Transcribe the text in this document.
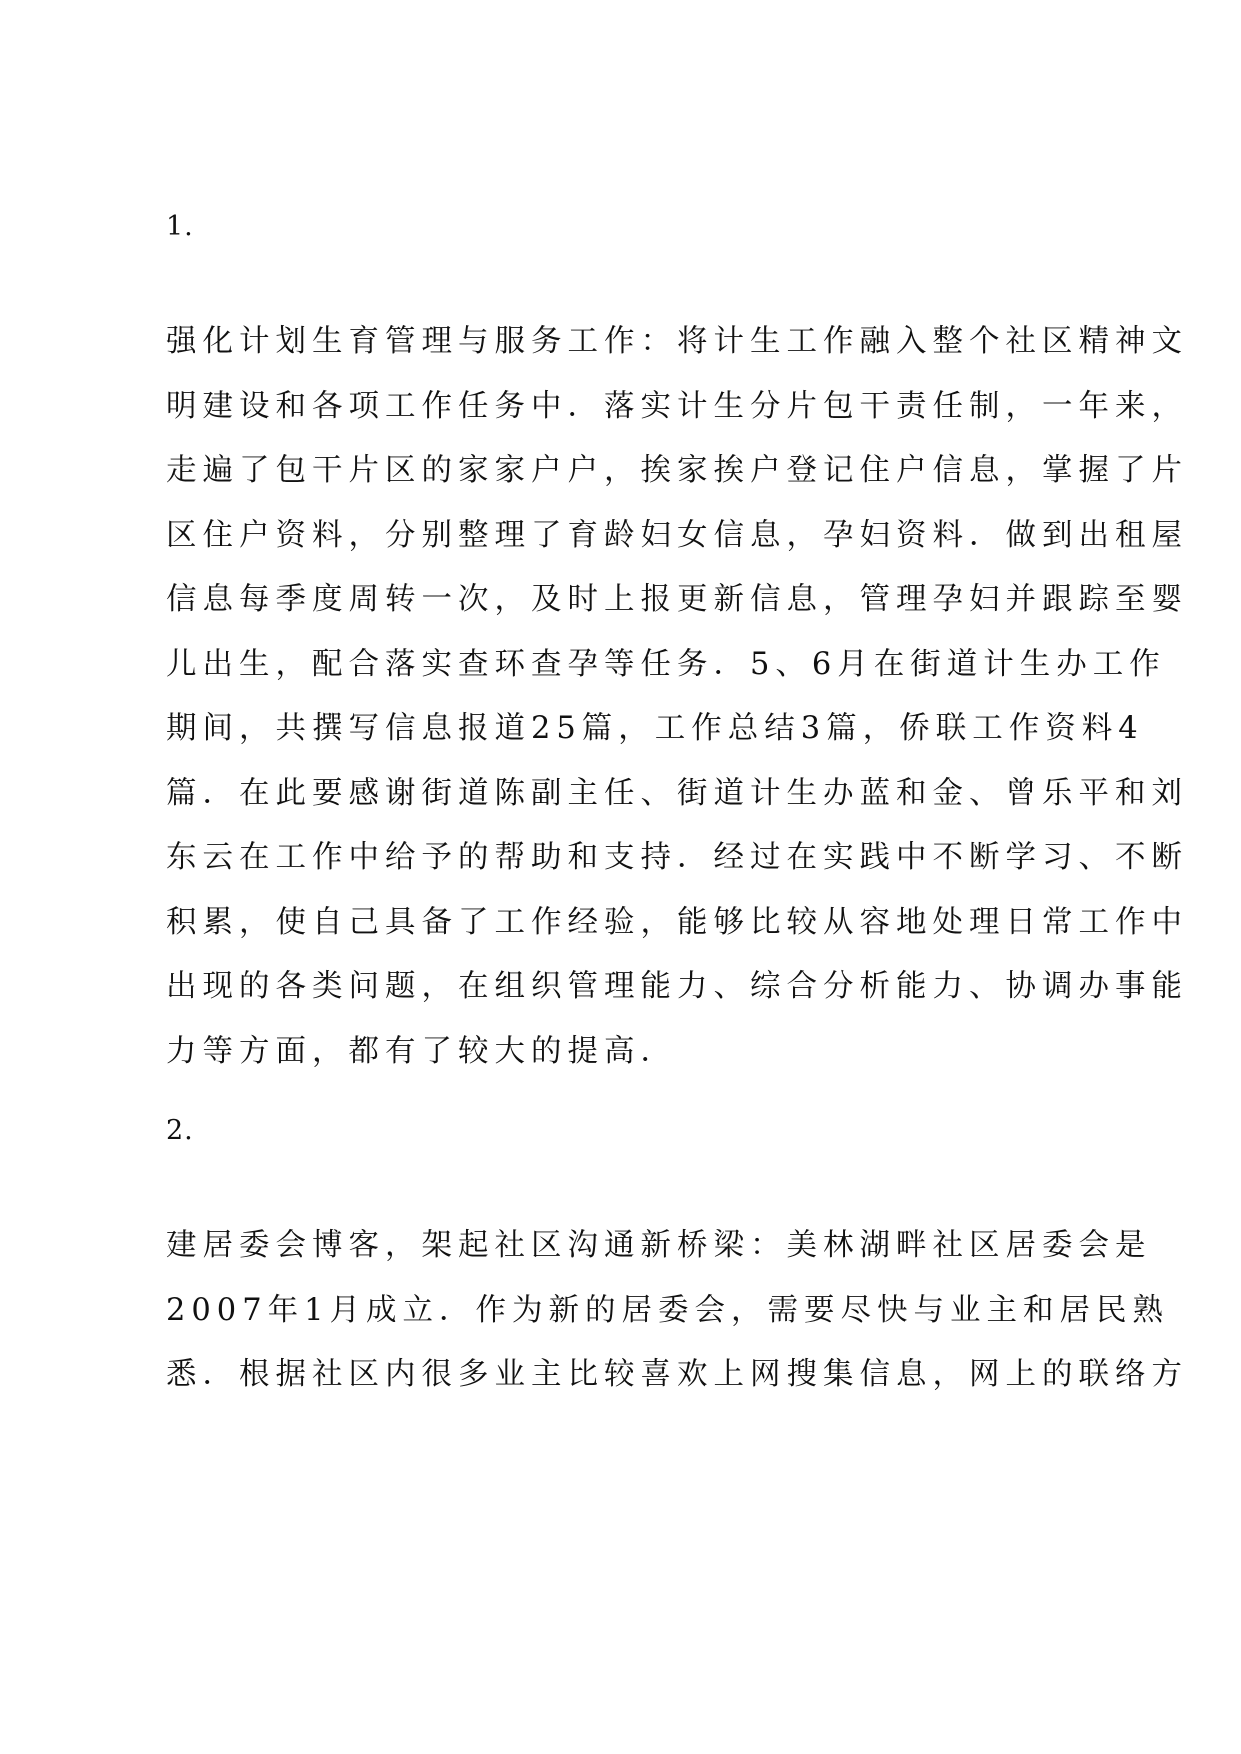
1.
强化计划生育管理与服务工作：将计生工作融入整个社区精神文
明建设和各项工作任务中．落实计生分片包干责任制，一年来，
走遍了包干片区的家家户户，挨家挨户登记住户信息，掌握了片
区住户资料，分别整理了育龄妇女信息，孕妇资料．做到出租屋
信息每季度周转一次，及时上报更新信息，管理孕妇并跟踪至婴
儿出生，配合落实查环查孕等任务．5、6月在街道计生办工作
期间，共撰写信息报道25篇，工作总结3篇，侨联工作资料4
篇．在此要感谢街道陈副主任、街道计生办蓝和金、曾乐平和刘
东云在工作中给予的帮助和支持．经过在实践中不断学习、不断
积累，使自己具备了工作经验，能够比较从容地处理日常工作中
出现的各类问题，在组织管理能力、综合分析能力、协调办事能
力等方面，都有了较大的提高．
2.
建居委会博客，架起社区沟通新桥梁：美林湖畔社区居委会是
2007年1月成立．作为新的居委会，需要尽快与业主和居民熟
悉．根据社区内很多业主比较喜欢上网搜集信息，网上的联络方
